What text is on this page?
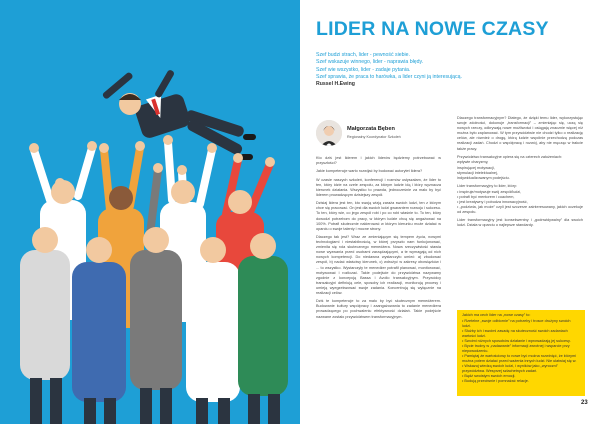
LIDER NA NOWE CZASY
Szef budzi strach, lider - pewność siebie.
Szef wskazuje winnego, lider - naprawia błędy.
Szef wie wszystko, lider - zadaje pytania.
Szef sprawia, że praca to harówka, a lider czyni ją interesującą.
Russel H.Ewing
Małgorzata Bęben
Regionalny Koordynator Szkoleń

Kto dziś jest liderem i jakich liderów będziemy potrzebować w przyszłości?

Jakie kompetencje warto rozwijać by budować autorytet lidera?

W czasie naszych szkoleń, konferencji i rozmów usłyszałam, że lider to ten, który idzie na czele zespołu, za którym ludzie idą i który wyznacza kierunek działania. Wszystko to prawda, jednocześnie za mało by być liderem prowadzącym dzisiejszy zespół.

Dzisiaj lidera jest ten, kto swoją wizją zaraża swoich ludzi, ten z którym chce się pracować. On jest dla swoich ludzi gwarantem rozwoju i sukcesu. To ten, który wie, co jego zespół robi i po co robi właśnie to. To ten, który dowodzi potrzebom do pracy, w którym ludzie chcą się angażować na 100%. Potrafi skutecznie nakierować w którym kierunku może działać w oparciu o swoje talenty i mocne strony.

Dlaczego tak jest? Wraz ze zmieniającym się tempem życia, nowymi technologiami i niestabilnością, w której przyszło nam funkcjonować, zmieniła się rola skutecznego menedżera. Nowa rzeczywistość stawia nowe wyzwania przed osobami zarządzającymi, a te wymagają od nich nowych kompetencji. Do niedawna wystarczyło umieć: a) zbudować zespół, b) nadać właściwy kierunek, c) wdrożyć w zakresy obowiązków i ... to wszystko. Wystarczyły te menedżer potrafił planować, monitorować, motywować i rozliczać. Takie podejście do przywództwa nazywamy zgodnie z koncepcją Bassa i Avolio transakcyjnym. Przywódcy transakcyjni definiują cele, sposoby ich realizacji, monitorują procesy i umieją wyegzekwować swoje zadania. Koncentrują się wyłącznie na realizacji celów.

Dziś te kompetencje to za mało by być skutecznym menedżerem. Budowanie kultury współpracy i zaangażowania to zadanie menedżera prowadzącego po pochwaleniu efektywność działań. Takie podejście nazwane zostało przywództwem transformacyjnym.

Dlaczego transformacyjnym? Dlatego, że dzięki temu lider, wykorzystując swoje zdolności, dokonuje „transformacji” – zmieniając się, uczą się nowych rzeczy, odkrywają nowe możliwości i osiągają znacznie więcej niż można było zaplanować. W tym przywództwie nie chodzi tylko o realizację celów, ale również o drogę, którą ludzie wspólnie przechodzą podczas realizacji zadań. Chodzi o współpracę i rozwój, aby nie męcząc w trakcie także pracy.

Przywództwo transakcyjne opiera się na czterech założeniach:

wpływie charyzmy,
inspirującej motywacji,
stymulacji intelektualnej,
indywidualizowanym podejściu.

Lider transformacyjny to lider, który:

• inspiruje/motywuje swój zespół/ludzi,
• potrafi być mentorem i coachem,
• jest kreatywny i pobudza innowacyjność,
• „podziwia, jak może” czyli jest szczerze zainteresowany, jakich oczekuje od zespołu.

Lider transformacyjny jest konsekwentny i „godnwidywalny” dla swoich ludzi. Działa w oparciu o najlepsze standardy.

Jakich ma cech lider na „nowe czasy” to:

• Rzetelne „swoje odbiornie” na potrzeby i trosce drużyny swoich ludzi.
• Służby ich i swoimi zasadę na skuteczność swoich zadaniach wartości ludzi.
• Swoimi różnych sposobów działanie i wprowadzają jej sukcesy.
• Bycie trudny w „nadawanie” informacji zwrotnej i wsparcie przy niepowodzeniu.
• Pamiętaj że wartościowy to nowe być można rozwinięć, że którymi można potem działać przed ważenia innych ludzi. Nie ułatwiaj się w.
• Wskazuj wiedzą swoich ludzi, i wyników jako „wyroczni” przywództwa. Wesprzej szlachetnych zadań.
• Bądź swoistym swoich emocji.
• Budują przeciwnie i pomnażać relacje.
23
